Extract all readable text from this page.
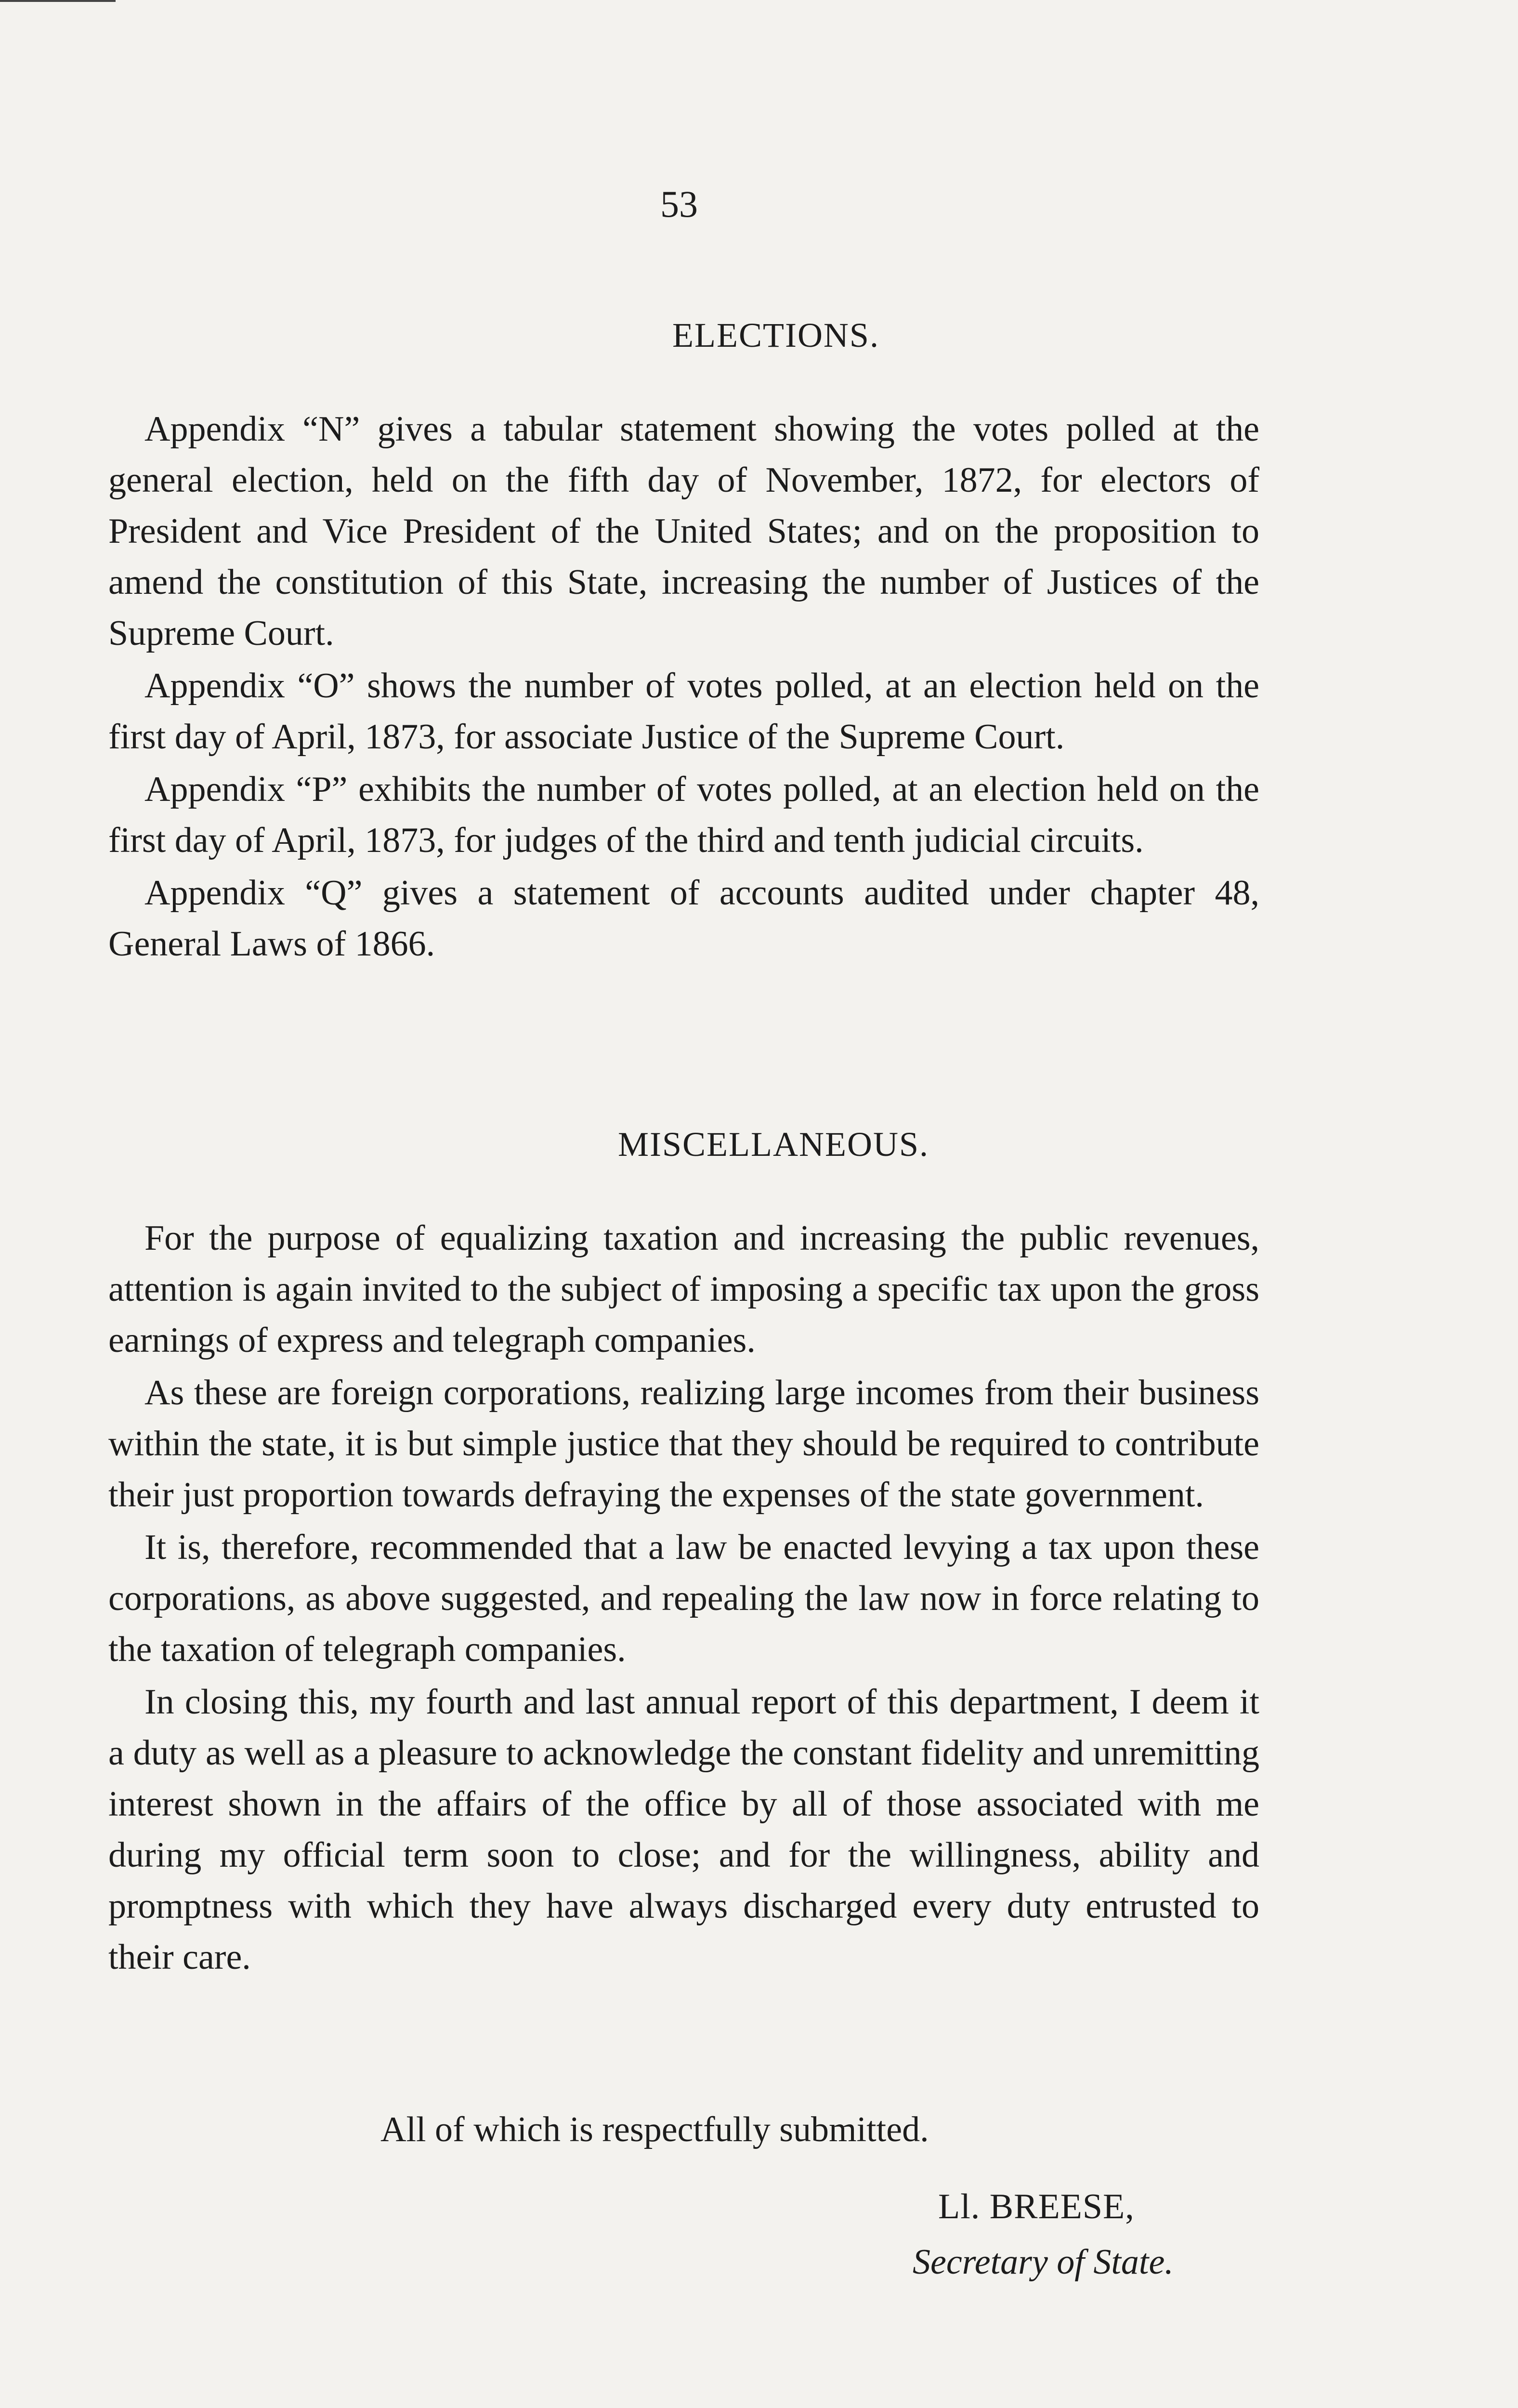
53
ELECTIONS.

Appendix “N” gives a tabular statement showing the votes polled at the general election, held on the fifth day of November, 1872, for electors of President and Vice President of the United States; and on the proposition to amend the constitution of this State, increasing the number of Justices of the Supreme Court.

Appendix “O” shows the number of votes polled, at an election held on the first day of April, 1873, for associate Justice of the Supreme Court.

Appendix “P” exhibits the number of votes polled, at an election held on the first day of April, 1873, for judges of the third and tenth judicial circuits.

Appendix “Q” gives a statement of accounts audited under chapter 48, General Laws of 1866.

MISCELLANEOUS.

For the purpose of equalizing taxation and increasing the public revenues, attention is again invited to the subject of imposing a specific tax upon the gross earnings of express and telegraph companies.

As these are foreign corporations, realizing large incomes from their business within the state, it is but simple justice that they should be required to contribute their just proportion towards defraying the expenses of the state government.

It is, therefore, recommended that a law be enacted levying a tax upon these corporations, as above suggested, and repealing the law now in force relating to the taxation of telegraph companies.

In closing this, my fourth and last annual report of this department, I deem it a duty as well as a pleasure to acknowledge the constant fidelity and unremitting interest shown in the affairs of the office by all of those associated with me during my official term soon to close; and for the willingness, ability and promptness with which they have always discharged every duty entrusted to their care.

All of which is respectfully submitted.
Ll. BREESE,
Secretary of State.
